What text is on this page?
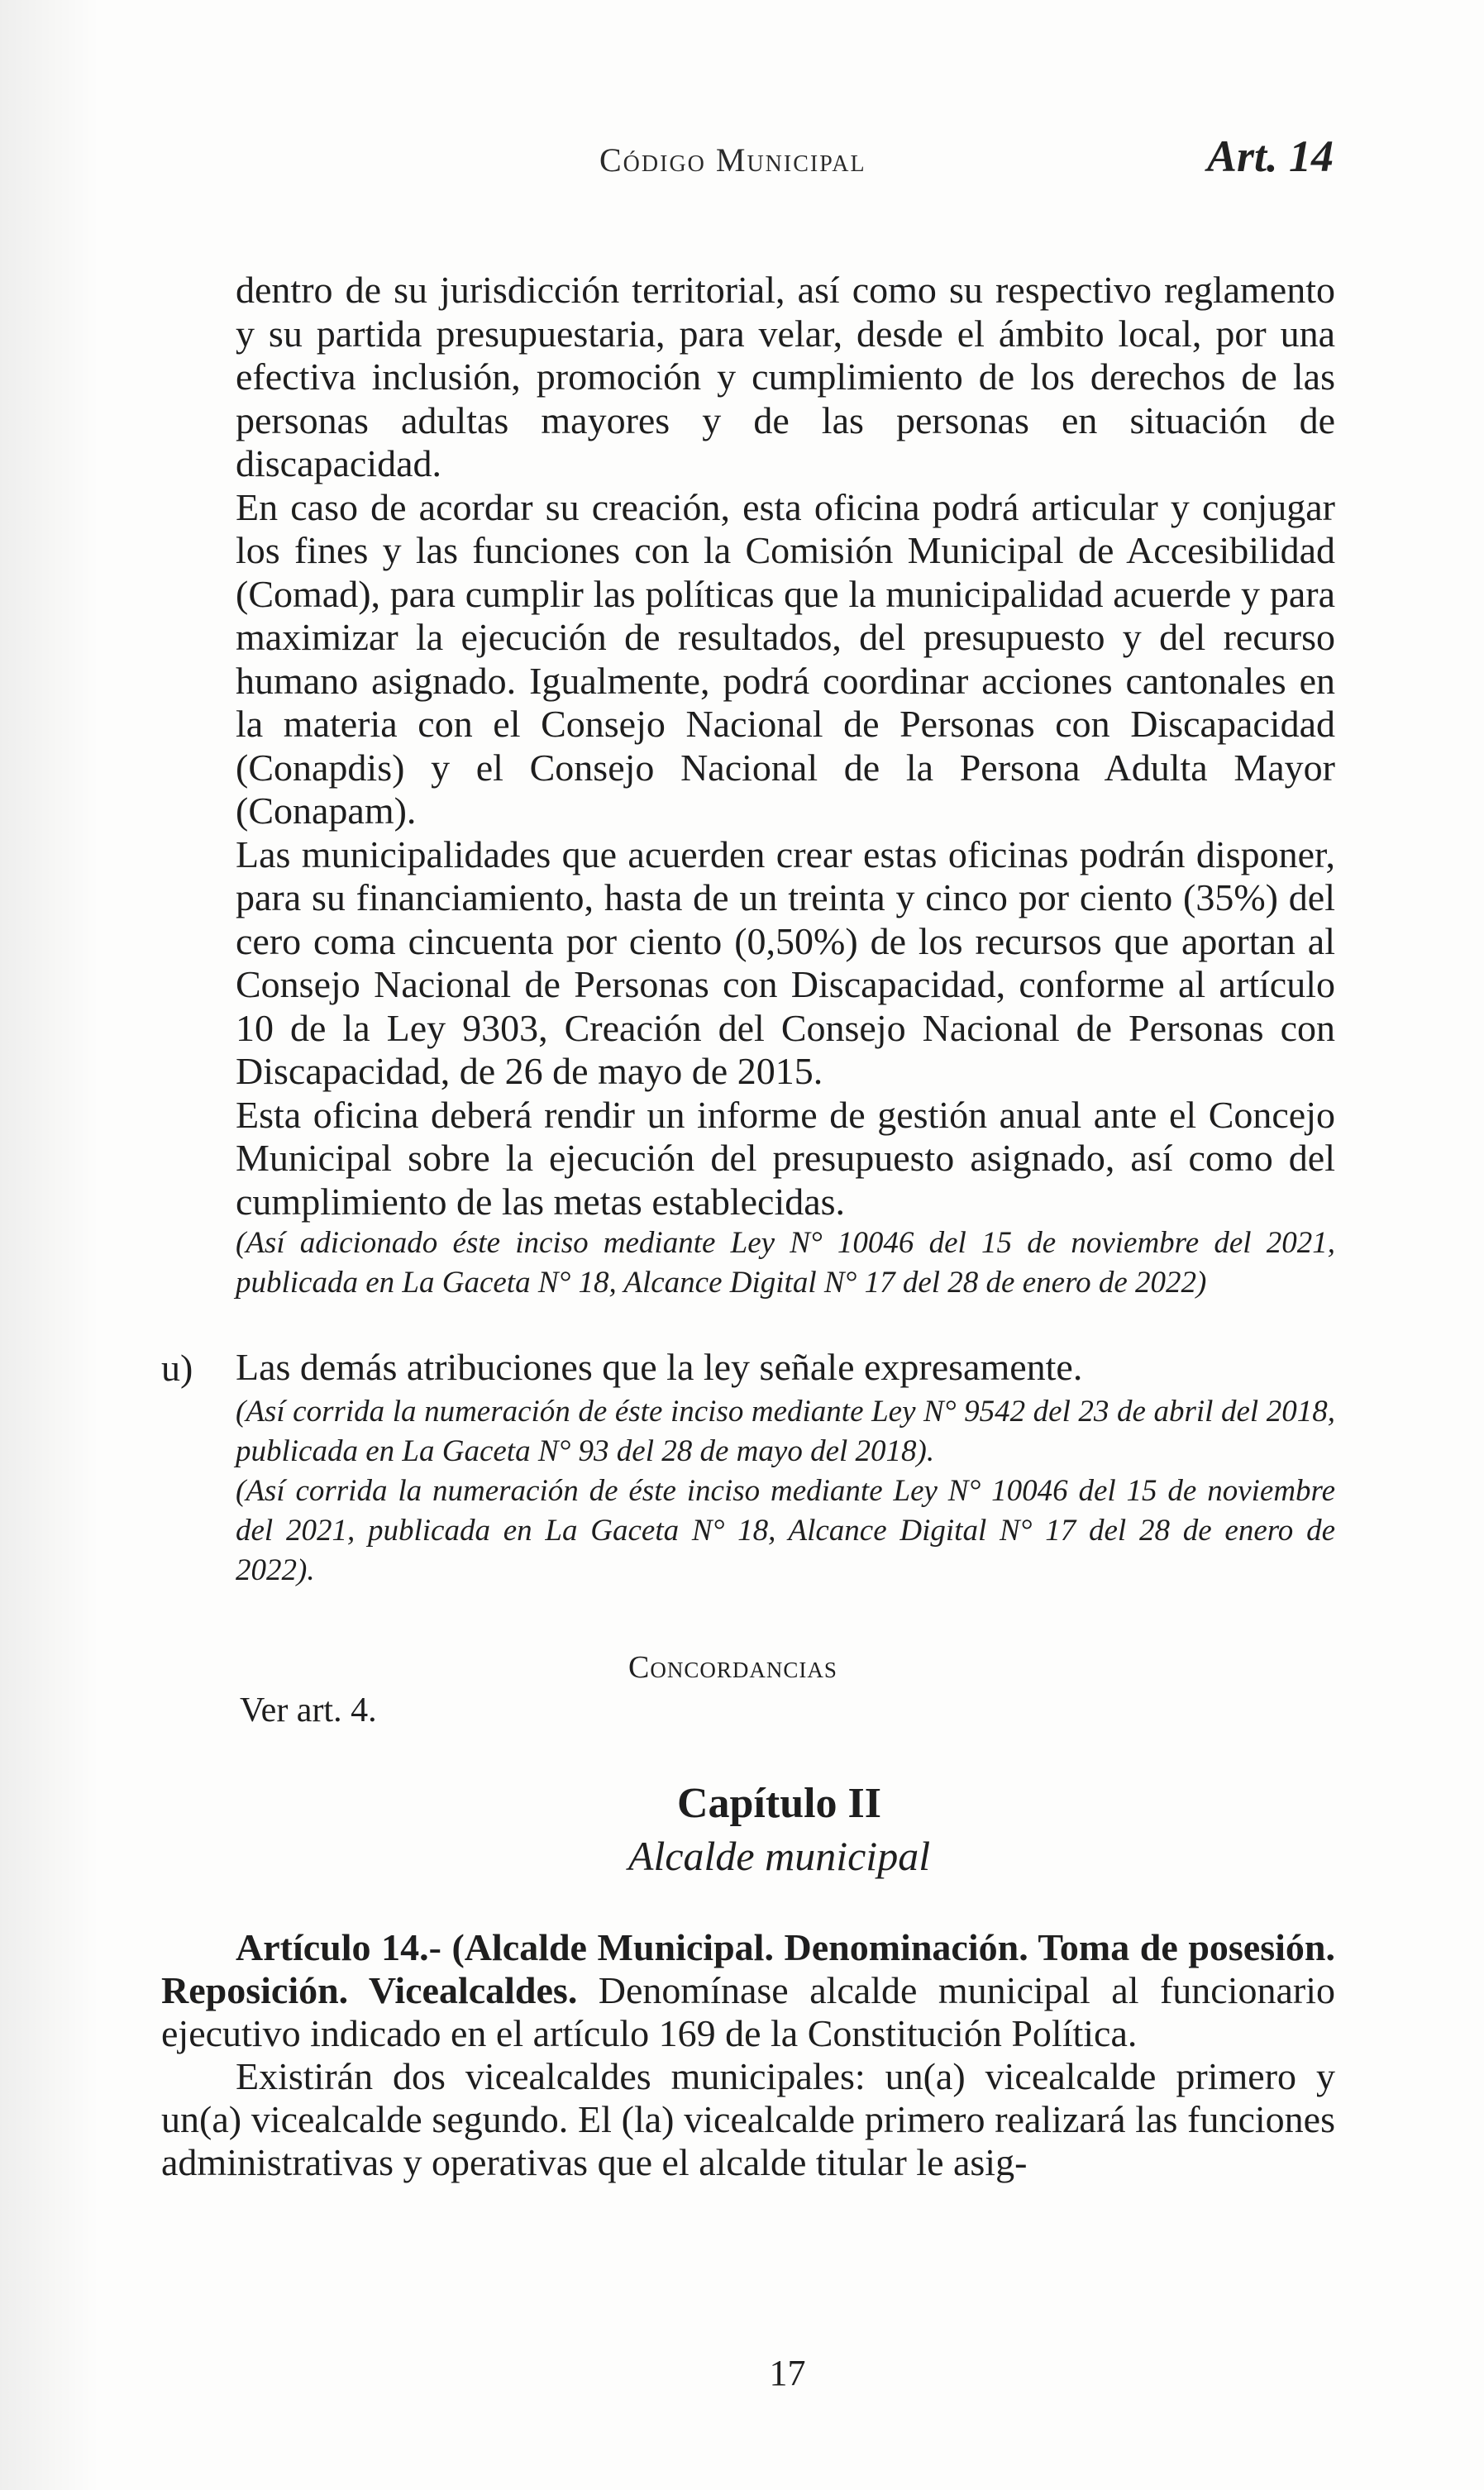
Código Municipal	Art. 14

dentro de su jurisdicción territorial, así como su respectivo reglamento y su partida presupuestaria, para velar, desde el ámbito local, por una efectiva inclusión, promoción y cumplimiento de los derechos de las personas adultas mayores y de las personas en situación de discapacidad.

En caso de acordar su creación, esta oficina podrá articular y conjugar los fines y las funciones con la Comisión Municipal de Accesibilidad (Comad), para cumplir las políticas que la municipalidad acuerde y para maximizar la ejecución de resultados, del presupuesto y del recurso humano asignado. Igualmente, podrá coordinar acciones cantonales en la materia con el Consejo Nacional de Personas con Discapacidad (Conapdis) y el Consejo Nacional de la Persona Adulta Mayor (Conapam).

Las municipalidades que acuerden crear estas oficinas podrán disponer, para su financiamiento, hasta de un treinta y cinco por ciento (35%) del cero coma cincuenta por ciento (0,50%) de los recursos que aportan al Consejo Nacional de Personas con Discapacidad, conforme al artículo 10 de la Ley 9303, Creación del Consejo Nacional de Personas con Discapacidad, de 26 de mayo de 2015.

Esta oficina deberá rendir un informe de gestión anual ante el Concejo Municipal sobre la ejecución del presupuesto asignado, así como del cumplimiento de las metas establecidas.

(Así adicionado éste inciso mediante Ley N° 10046 del 15 de noviembre del 2021, publicada en La Gaceta N° 18, Alcance Digital N° 17 del 28 de enero de 2022)

u) Las demás atribuciones que la ley señale expresamente.

(Así corrida la numeración de éste inciso mediante Ley N° 9542 del 23 de abril del 2018, publicada en La Gaceta N° 93 del 28 de mayo del 2018).

(Así corrida la numeración de éste inciso mediante Ley N° 10046 del 15 de noviembre del 2021, publicada en La Gaceta N° 18, Alcance Digital N° 17 del 28 de enero de 2022).

Concordancias
Ver art. 4.
Capítulo II
Alcalde municipal

Artículo 14.- (Alcalde Municipal. Denominación. Toma de posesión. Reposición. Vicealcaldes. Denomínase alcalde municipal al funcionario ejecutivo indicado en el artículo 169 de la Constitución Política.

Existirán dos vicealcaldes municipales: un(a) vicealcalde primero y un(a) vicealcalde segundo. El (la) vicealcalde primero realizará las funciones administrativas y operativas que el alcalde titular le asig-

17
